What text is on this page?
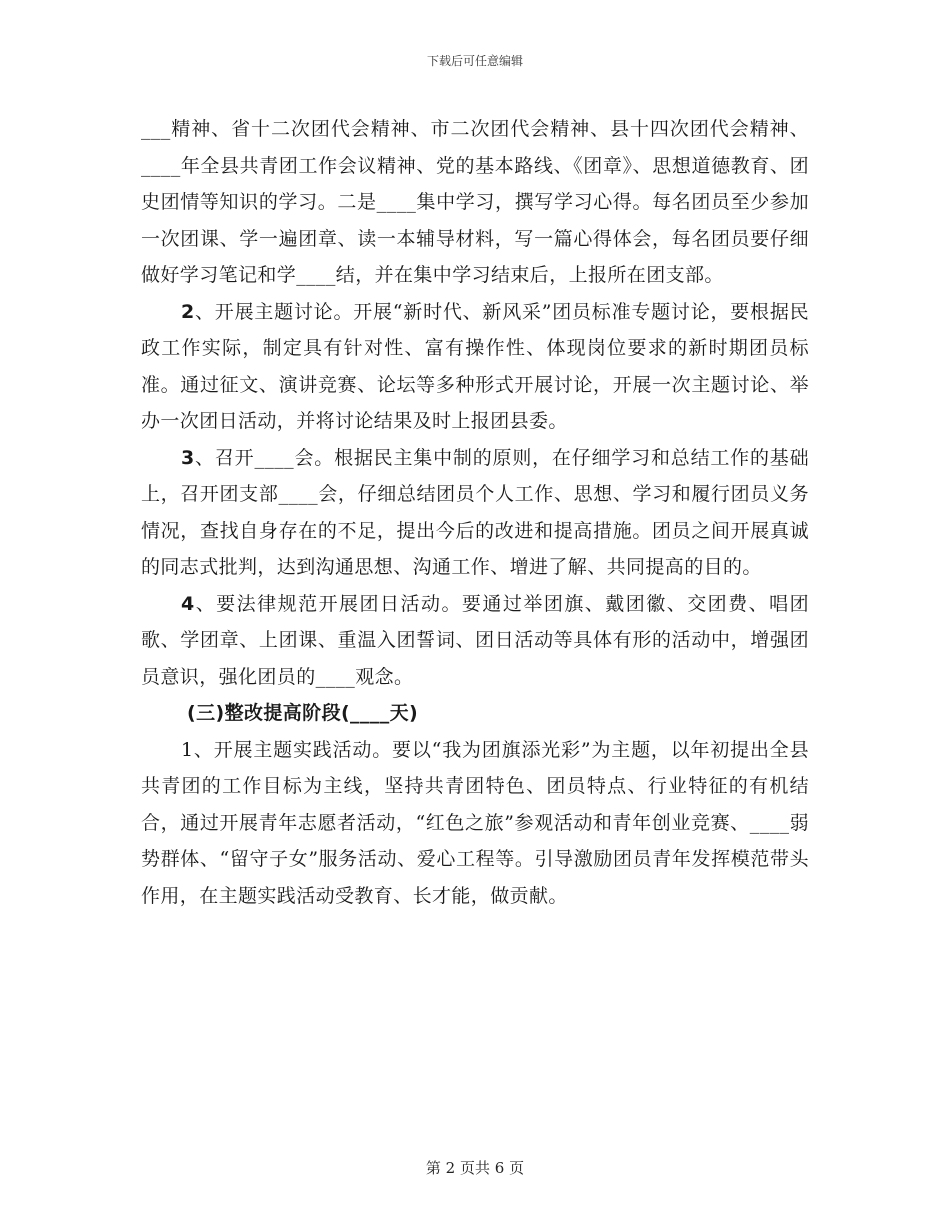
下载后可任意编辑

___精神、省十二次团代会精神、市二次团代会精神、县十四次团代会精神、____年全县共青团工作会议精神、党的基本路线、《团章》、思想道德教育、团史团情等知识的学习。二是____集中学习，撰写学习心得。每名团员至少参加一次团课、学一遍团章、读一本辅导材料，写一篇心得体会，每名团员要仔细做好学习笔记和学____结，并在集中学习结束后，上报所在团支部。

2、开展主题讨论。开展“新时代、新风采”团员标准专题讨论，要根据民政工作实际，制定具有针对性、富有操作性、体现岗位要求的新时期团员标准。通过征文、演讲竞赛、论坛等多种形式开展讨论，开展一次主题讨论、举办一次团日活动，并将讨论结果及时上报团县委。

3、召开____会。根据民主集中制的原则，在仔细学习和总结工作的基础上，召开团支部____会，仔细总结团员个人工作、思想、学习和履行团员义务情况，查找自身存在的不足，提出今后的改进和提高措施。团员之间开展真诚的同志式批判，达到沟通思想、沟通工作、增进了解、共同提高的目的。

4、要法律规范开展团日活动。要通过举团旗、戴团徽、交团费、唱团歌、学团章、上团课、重温入团誓词、团日活动等具体有形的活动中，增强团员意识，强化团员的____观念。

(三)整改提高阶段(____天)

1、开展主题实践活动。要以“我为团旗添光彩”为主题，以年初提出全县共青团的工作目标为主线，坚持共青团特色、团员特点、行业特征的有机结合，通过开展青年志愿者活动，“红色之旅”参观活动和青年创业竞赛、____弱势群体、“留守子女”服务活动、爱心工程等。引导激励团员青年发挥模范带头作用，在主题实践活动受教育、长才能，做贡献。

第 2 页共 6 页
